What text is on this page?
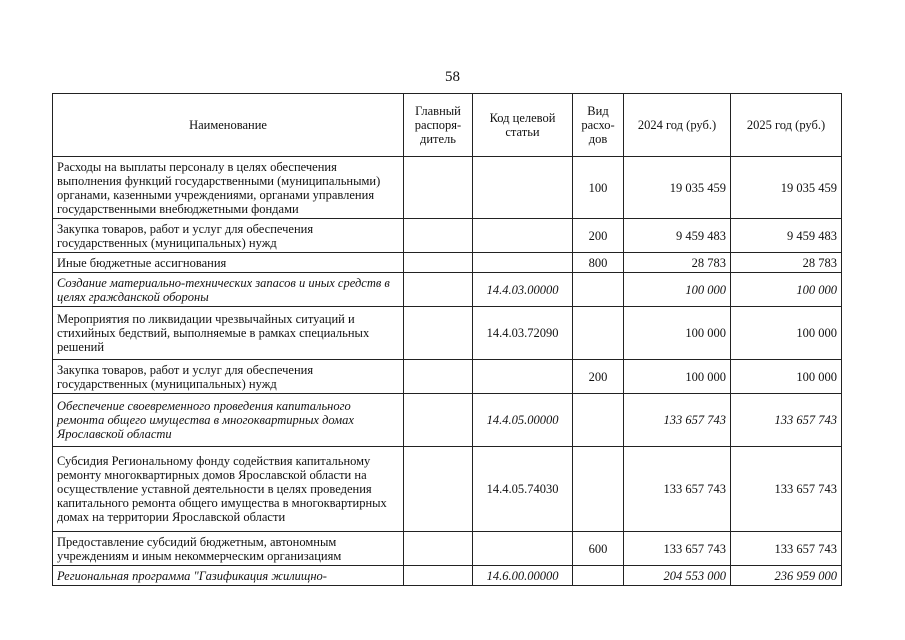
58
Наименование	Главный распоря-дитель	Код целевой статьи	Вид расхо-дов	2024 год (руб.)	2025 год (руб.)
Расходы на выплаты персоналу в целях обеспечения выполнения функций государственными (муниципальными) органами, казенными учреждениями, органами управления государственными внебюджетными фондами			100	19 035 459	19 035 459
Закупка товаров, работ и услуг для обеспечения государственных (муниципальных) нужд			200	9 459 483	9 459 483
Иные бюджетные ассигнования			800	28 783	28 783
Создание материально-технических запасов и иных средств в целях гражданской обороны		14.4.03.00000		100 000	100 000
Мероприятия по ликвидации чрезвычайных ситуаций и стихийных бедствий, выполняемые в рамках специальных решений		14.4.03.72090		100 000	100 000
Закупка товаров, работ и услуг для обеспечения государственных (муниципальных) нужд			200	100 000	100 000
Обеспечение своевременного проведения капитального ремонта общего имущества в многоквартирных домах Ярославской области		14.4.05.00000		133 657 743	133 657 743
Субсидия Региональному фонду содействия капитальному ремонту многоквартирных домов Ярославской области на осуществление уставной деятельности в целях проведения капитального ремонта общего имущества в многоквартирных домах на территории Ярославской области		14.4.05.74030		133 657 743	133 657 743
Предоставление субсидий бюджетным, автономным учреждениям и иным некоммерческим организациям			600	133 657 743	133 657 743
Региональная программа "Газификация жилищно-		14.6.00.00000		204 553 000	236 959 000
